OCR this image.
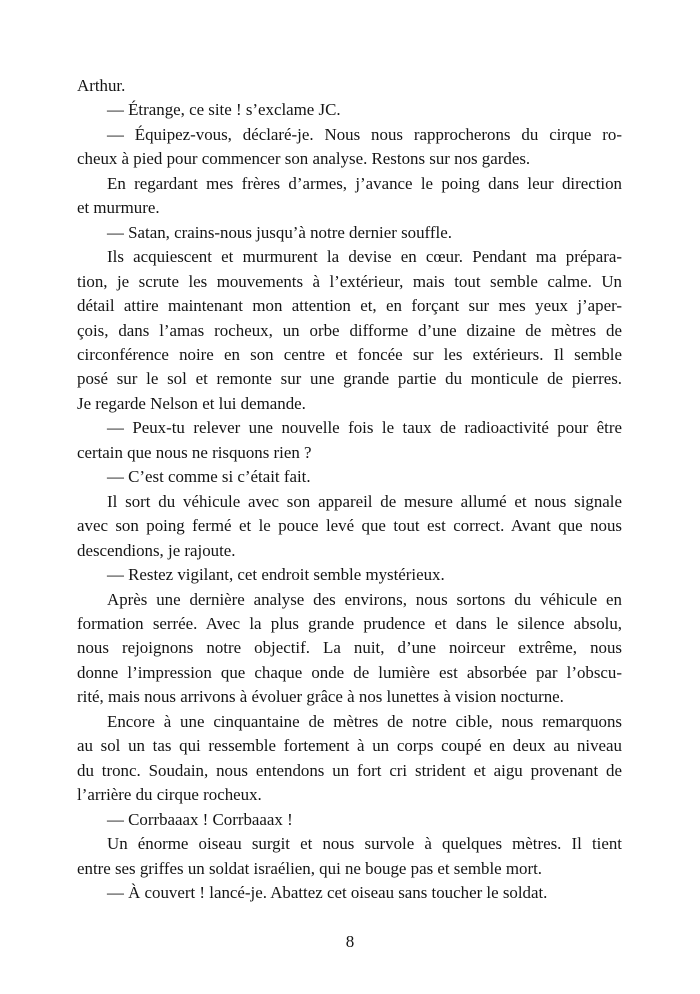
Arthur.

— Étrange, ce site ! s’exclame JC.

— Équipez-vous, déclaré-je. Nous nous rapprocherons du cirque ro-
cheux à pied pour commencer son analyse. Restons sur nos gardes.

En regardant mes frères d’armes, j’avance le poing dans leur direction
et murmure.

— Satan, crains-nous jusqu’à notre dernier souffle.

Ils acquiescent et murmurent la devise en cœur. Pendant ma prépara-
tion, je scrute les mouvements à l’extérieur, mais tout semble calme. Un
détail attire maintenant mon attention et, en forçant sur mes yeux j’aper-
çois, dans l’amas rocheux, un orbe difforme d’une dizaine de mètres de
circonférence noire en son centre et foncée sur les extérieurs. Il semble
posé sur le sol et remonte sur une grande partie du monticule de pierres.
Je regarde Nelson et lui demande.

— Peux-tu relever une nouvelle fois le taux de radioactivité pour être
certain que nous ne risquons rien ?

— C’est comme si c’était fait.

Il sort du véhicule avec son appareil de mesure allumé et nous signale
avec son poing fermé et le pouce levé que tout est correct. Avant que nous
descendions, je rajoute.

— Restez vigilant, cet endroit semble mystérieux.

Après une dernière analyse des environs, nous sortons du véhicule en
formation serrée. Avec la plus grande prudence et dans le silence absolu,
nous rejoignons notre objectif. La nuit, d’une noirceur extrême, nous
donne l’impression que chaque onde de lumière est absorbée par l’obscu-
rité, mais nous arrivons à évoluer grâce à nos lunettes à vision nocturne.

Encore à une cinquantaine de mètres de notre cible, nous remarquons
au sol un tas qui ressemble fortement à un corps coupé en deux au niveau
du tronc. Soudain, nous entendons un fort cri strident et aigu provenant de
l’arrière du cirque rocheux.

— Corrbaaax ! Corrbaaax !

Un énorme oiseau surgit et nous survole à quelques mètres. Il tient
entre ses griffes un soldat israélien, qui ne bouge pas et semble mort.

— À couvert ! lancé-je. Abattez cet oiseau sans toucher le soldat.

8
